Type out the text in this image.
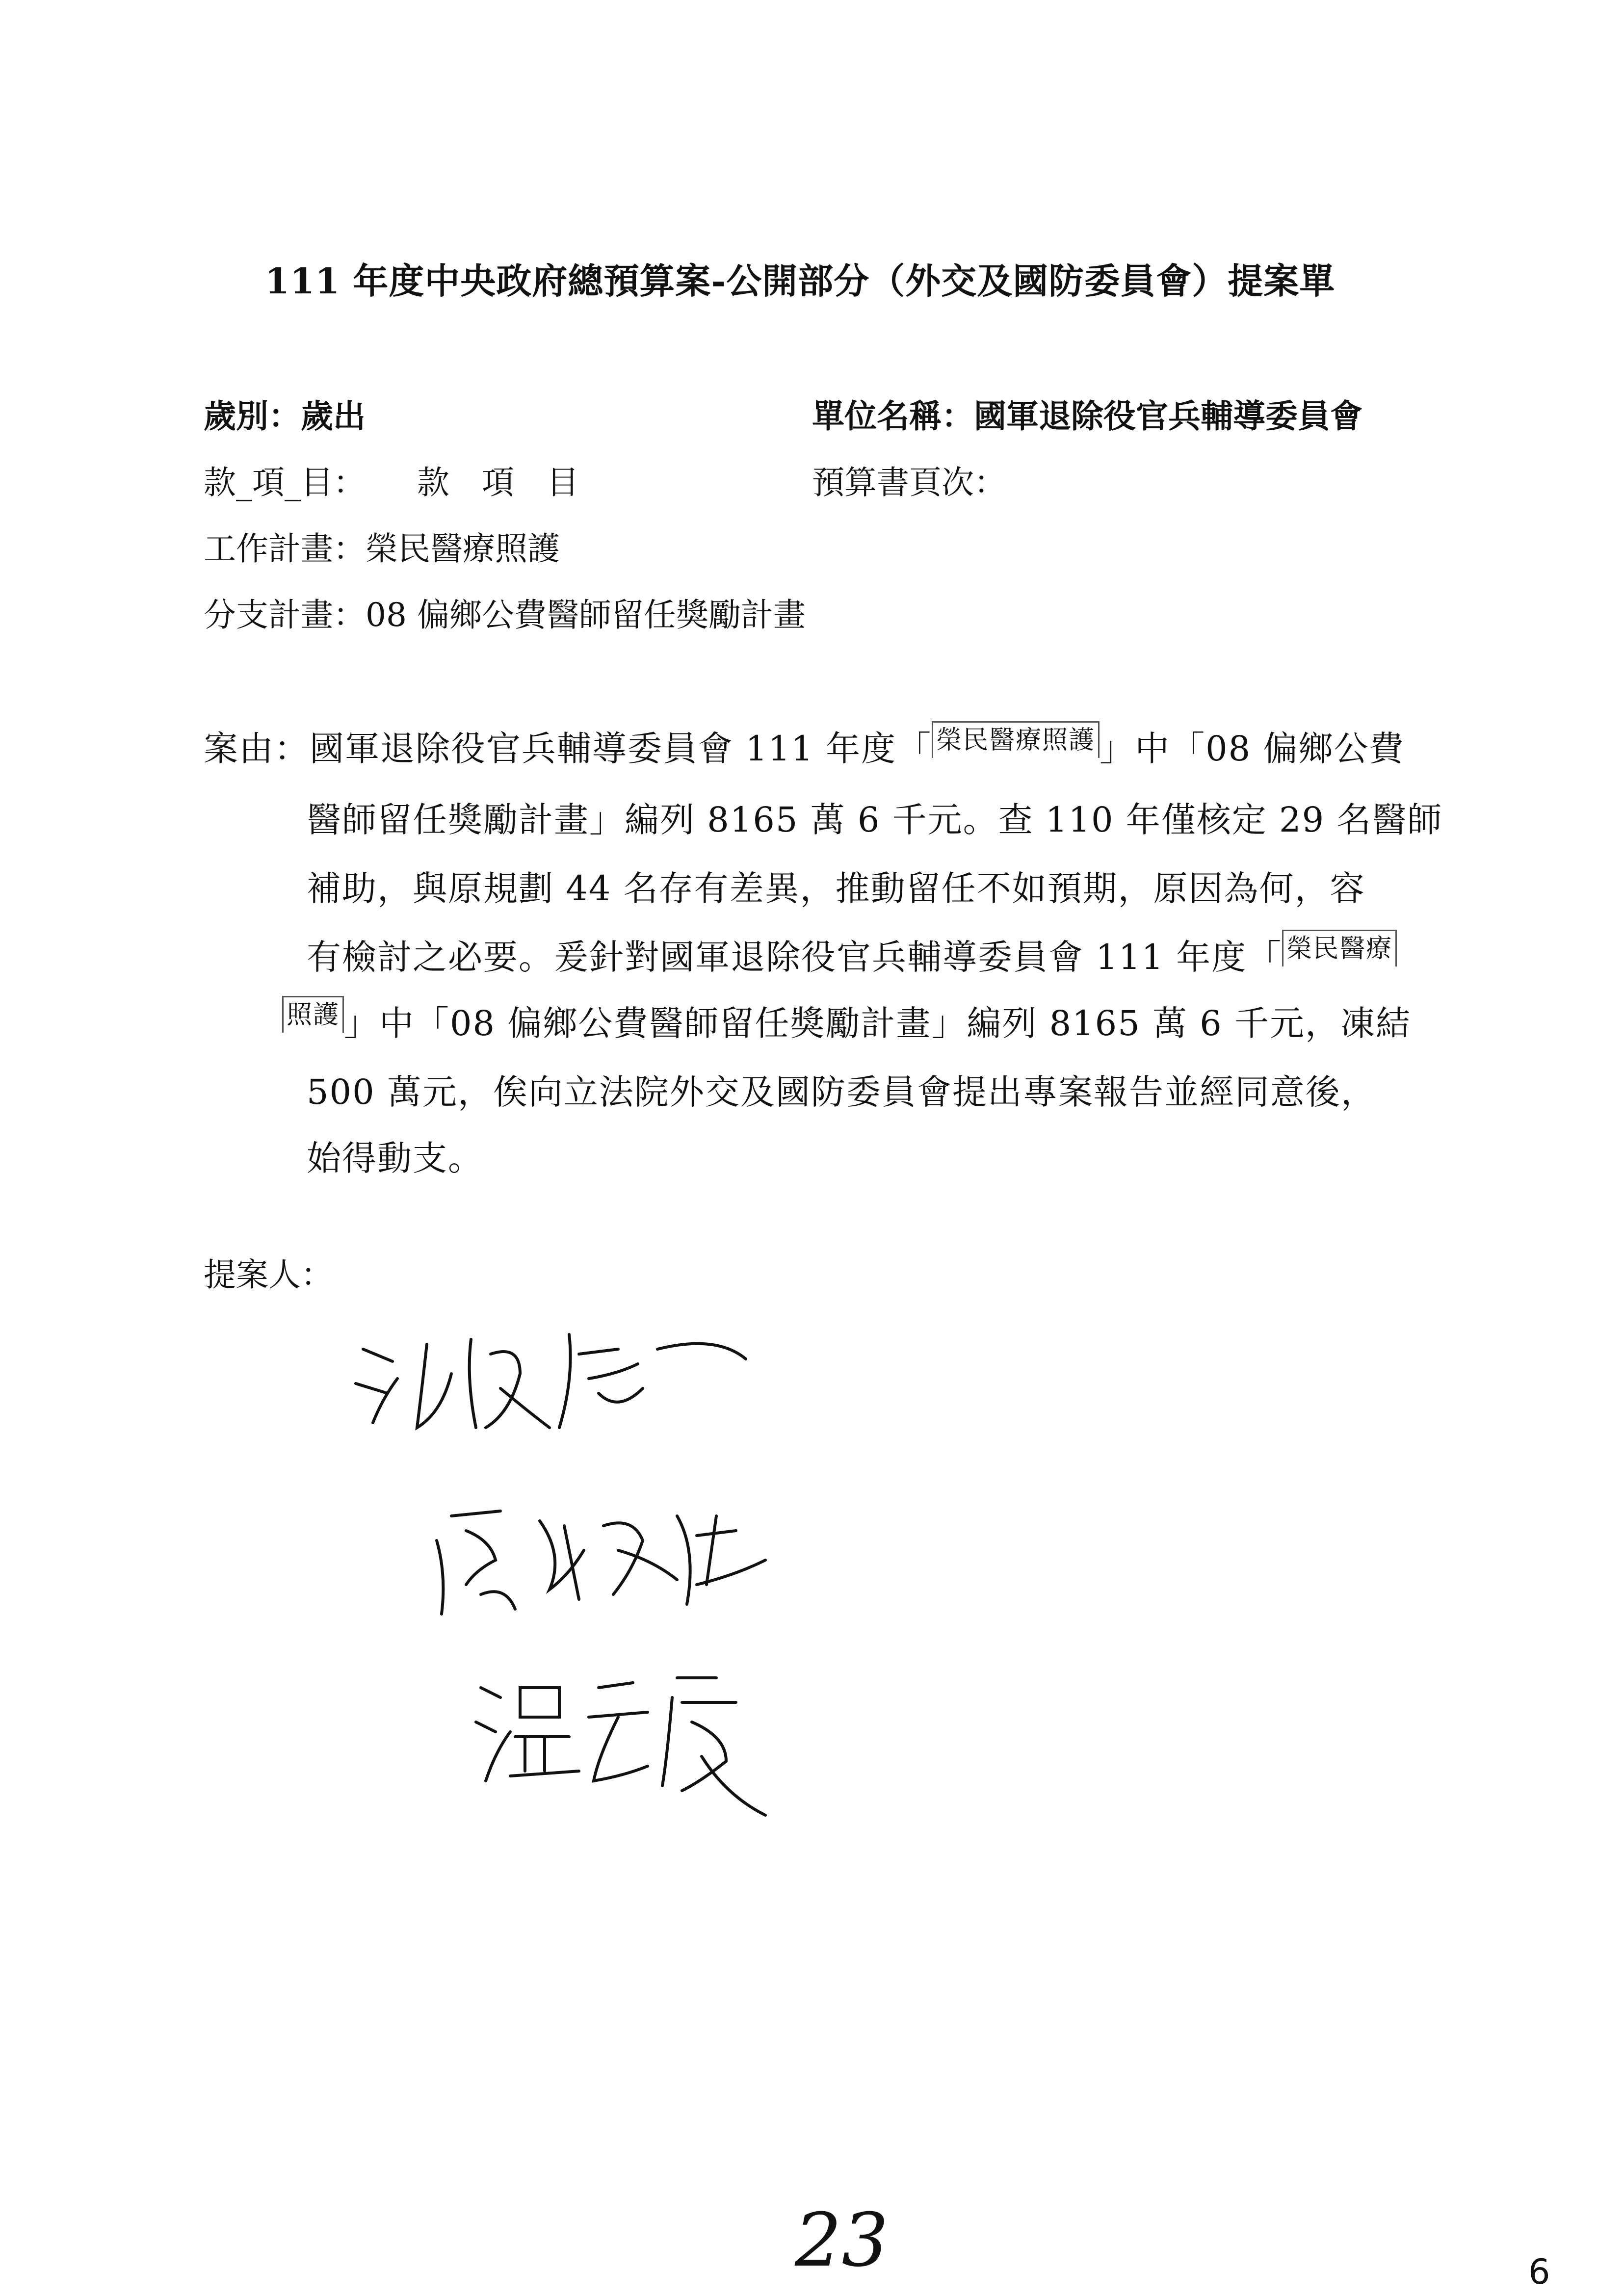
111 年度中央政府總預算案-公開部分（外交及國防委員會）提案單
歲別：歲出	單位名稱：國軍退除役官兵輔導委員會
款_項_目： 款　項　目	預算書頁次：
工作計畫：榮民醫療照護
分支計畫：08 偏鄉公費醫師留任獎勵計畫
案由：國軍退除役官兵輔導委員會 111 年度「 榮民醫療照護 」中「08 偏鄉公費
醫師留任獎勵計畫」編列 8165 萬 6 千元。查 110 年僅核定 29 名醫師
補助，與原規劃 44 名存有差異，推動留任不如預期，原因為何，容
有檢討之必要。爰針對國軍退除役官兵輔導委員會 111 年度「 榮民醫療
照護 」中「08 偏鄉公費醫師留任獎勵計畫」編列 8165 萬 6 千元，凍結
500 萬元，俟向立法院外交及國防委員會提出專案報告並經同意後，
始得動支。
提案人：
23	6
